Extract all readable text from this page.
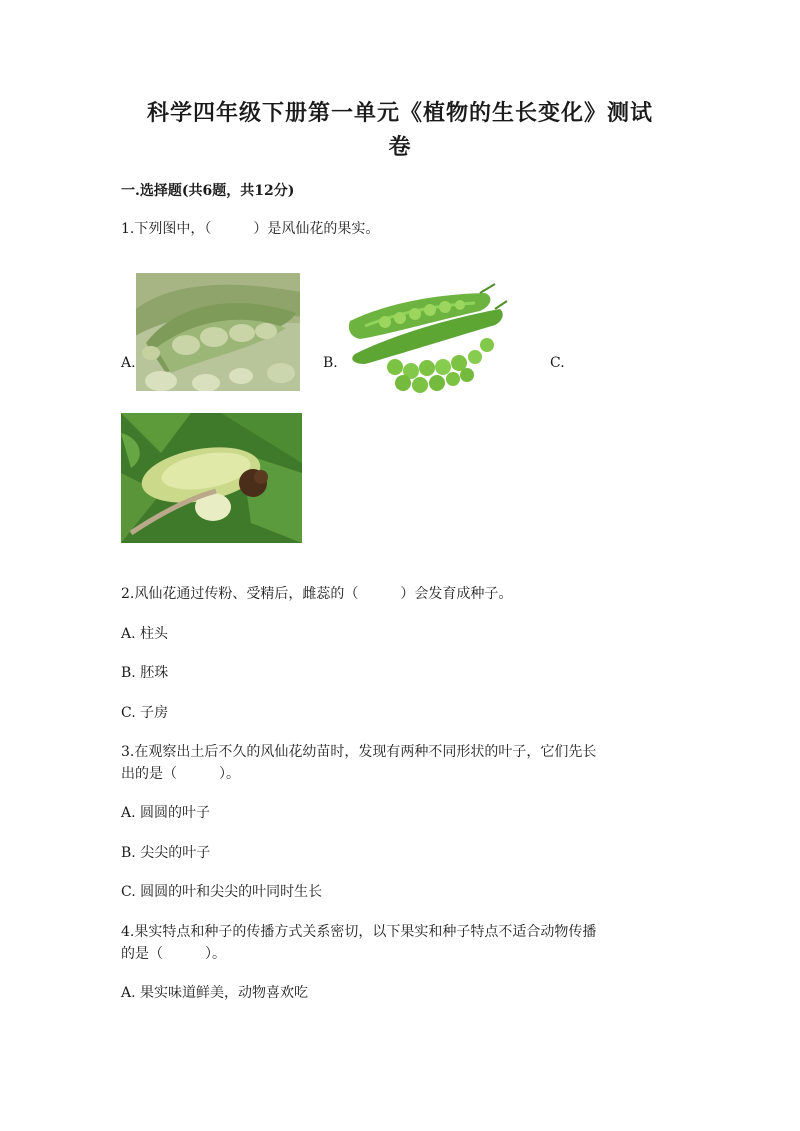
科学四年级下册第一单元《植物的生长变化》测试
卷
一.选择题(共6题，共12分)
1.下列图中，（　　　）是风仙花的果实。
A.	B.	C.
2.风仙花通过传粉、受精后，雌蕊的（　　　）会发育成种子。
A. 柱头
B. 胚珠
C. 子房
3.在观察出土后不久的风仙花幼苗时，发现有两种不同形状的叶子，它们先长
出的是（　　　）。
A. 圆圆的叶子
B. 尖尖的叶子
C. 圆圆的叶和尖尖的叶同时生长
4.果实特点和种子的传播方式关系密切，以下果实和种子特点不适合动物传播
的是（　　　）。
A. 果实味道鲜美，动物喜欢吃
